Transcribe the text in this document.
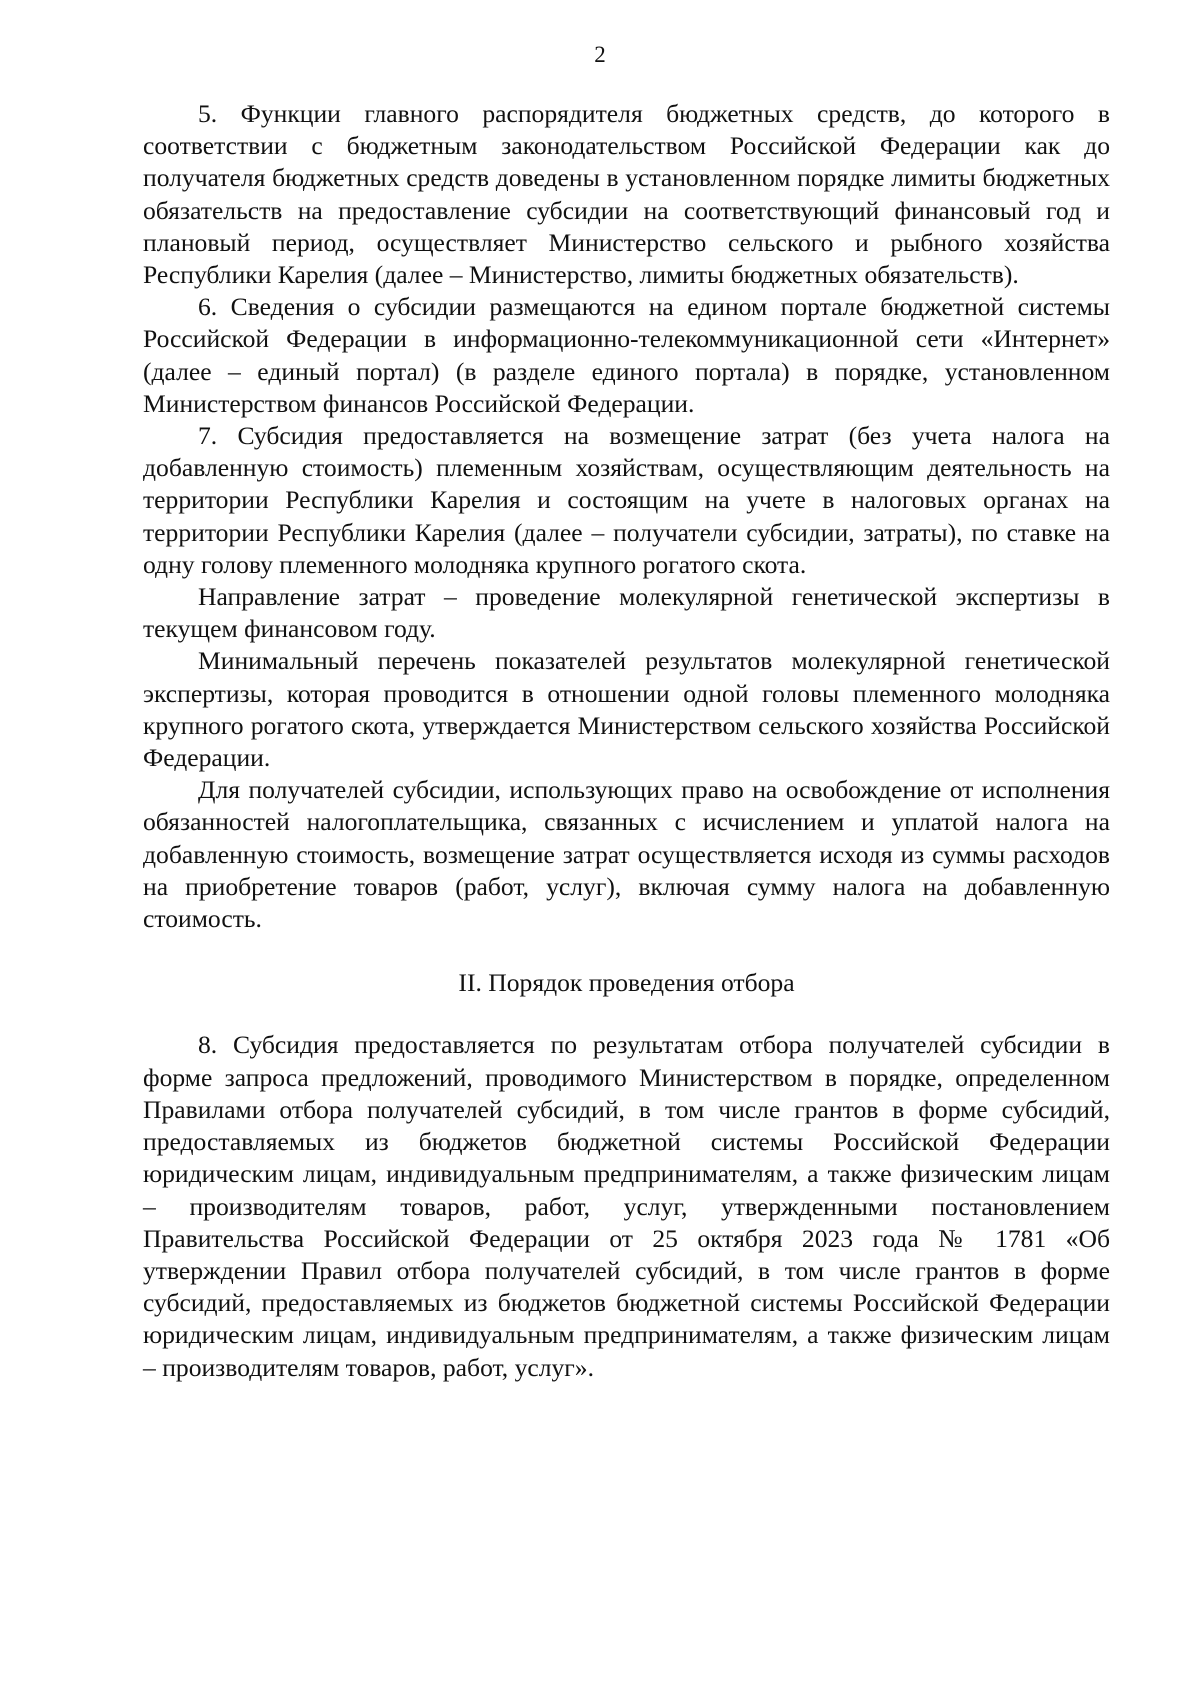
2

5. Функции главного распорядителя бюджетных средств, до которого в соответствии с бюджетным законодательством Российской Федерации как до получателя бюджетных средств доведены в установленном порядке лимиты бюджетных обязательств на предоставление субсидии на соответствующий финансовый год и плановый период, осуществляет Министерство сельского и рыбного хозяйства Республики Карелия (далее – Министерство, лимиты бюджетных обязательств).

6. Сведения о субсидии размещаются на едином портале бюджетной системы Российской Федерации в информационно-телекоммуникационной сети «Интернет» (далее – единый портал) (в разделе единого портала) в порядке, установленном Министерством финансов Российской Федерации.

7. Субсидия предоставляется на возмещение затрат (без учета налога на добавленную стоимость) племенным хозяйствам, осуществляющим деятельность на территории Республики Карелия и состоящим на учете в налоговых органах на территории Республики Карелия (далее – получатели субсидии, затраты), по ставке на одну голову племенного молодняка крупного рогатого скота.

Направление затрат – проведение молекулярной генетической экспертизы в текущем финансовом году.

Минимальный перечень показателей результатов молекулярной генетической экспертизы, которая проводится в отношении одной головы племенного молодняка крупного рогатого скота, утверждается Министерством сельского хозяйства Российской Федерации.

Для получателей субсидии, использующих право на освобождение от исполнения обязанностей налогоплательщика, связанных с исчислением и уплатой налога на добавленную стоимость, возмещение затрат осуществляется исходя из суммы расходов на приобретение товаров (работ, услуг), включая сумму налога на добавленную стоимость.

II. Порядок проведения отбора

8. Субсидия предоставляется по результатам отбора получателей субсидии в форме запроса предложений, проводимого Министерством в порядке, определенном Правилами отбора получателей субсидий, в том числе грантов в форме субсидий, предоставляемых из бюджетов бюджетной системы Российской Федерации юридическим лицам, индивидуальным предпринимателям, а также физическим лицам – производителям товаров, работ, услуг, утвержденными постановлением Правительства Российской Федерации от 25 октября 2023 года № 1781 «Об утверждении Правил отбора получателей субсидий, в том числе грантов в форме субсидий, предоставляемых из бюджетов бюджетной системы Российской Федерации юридическим лицам, индивидуальным предпринимателям, а также физическим лицам – производителям товаров, работ, услуг».
